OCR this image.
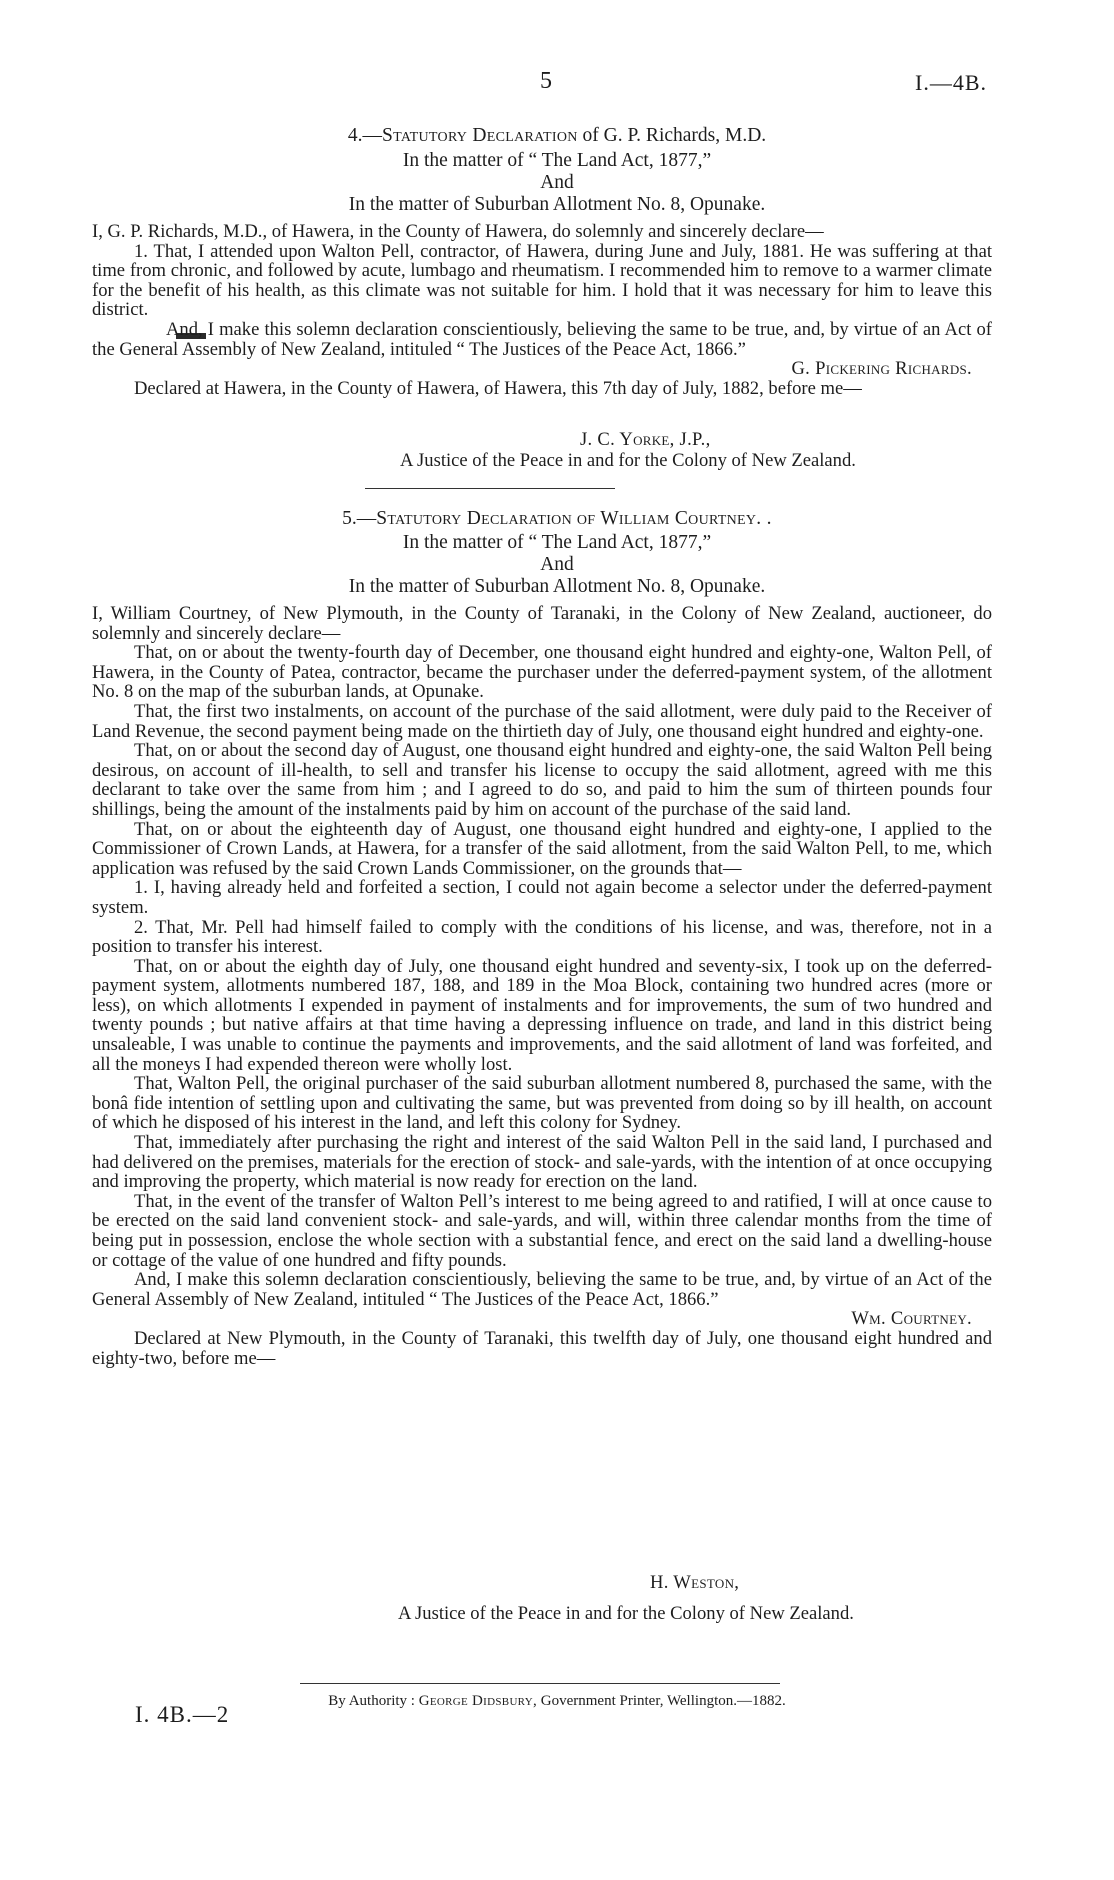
5	I.—4B.
4.—Statutory Declaration of G. P. Richards, M.D.
In the matter of “ The Land Act, 1877,”
And
In the matter of Suburban Allotment No. 8, Opunake.

I, G. P. Richards, M.D., of Hawera, in the County of Hawera, do solemnly and sincerely declare—

1. That, I attended upon Walton Pell, contractor, of Hawera, during June and July, 1881. He was suffering at that time from chronic, and followed by acute, lumbago and rheumatism. I recommended him to remove to a warmer climate for the benefit of his health, as this climate was not suitable for him. I hold that it was necessary for him to leave this district.

And, I make this solemn declaration conscientiously, believing the same to be true, and, by virtue of an Act of the General Assembly of New Zealand, intituled “ The Justices of the Peace Act, 1866.”

G. Pickering Richards.

Declared at Hawera, in the County of Hawera, of Hawera, this 7th day of July, 1882, before me—

J. C. Yorke, J.P.,
A Justice of the Peace in and for the Colony of New Zealand.
5.—Statutory Declaration of William Courtney. .
In the matter of “ The Land Act, 1877,”
And
In the matter of Suburban Allotment No. 8, Opunake.

I, William Courtney, of New Plymouth, in the County of Taranaki, in the Colony of New Zealand, auctioneer, do solemnly and sincerely declare—

That, on or about the twenty-fourth day of December, one thousand eight hundred and eighty-one, Walton Pell, of Hawera, in the County of Patea, contractor, became the purchaser under the deferred-payment system, of the allotment No. 8 on the map of the suburban lands, at Opunake.

That, the first two instalments, on account of the purchase of the said allotment, were duly paid to the Receiver of Land Revenue, the second payment being made on the thirtieth day of July, one thousand eight hundred and eighty-one.

That, on or about the second day of August, one thousand eight hundred and eighty-one, the said Walton Pell being desirous, on account of ill-health, to sell and transfer his license to occupy the said allotment, agreed with me this declarant to take over the same from him ; and I agreed to do so, and paid to him the sum of thirteen pounds four shillings, being the amount of the instalments paid by him on account of the purchase of the said land.

That, on or about the eighteenth day of August, one thousand eight hundred and eighty-one, I applied to the Commissioner of Crown Lands, at Hawera, for a transfer of the said allotment, from the said Walton Pell, to me, which application was refused by the said Crown Lands Commissioner, on the grounds that—

1. I, having already held and forfeited a section, I could not again become a selector under the deferred-payment system.

2. That, Mr. Pell had himself failed to comply with the conditions of his license, and was, therefore, not in a position to transfer his interest.

That, on or about the eighth day of July, one thousand eight hundred and seventy-six, I took up on the deferred-payment system, allotments numbered 187, 188, and 189 in the Moa Block, containing two hundred acres (more or less), on which allotments I expended in payment of instalments and for improvements, the sum of two hundred and twenty pounds ; but native affairs at that time having a depressing influence on trade, and land in this district being unsaleable, I was unable to continue the payments and improvements, and the said allotment of land was forfeited, and all the moneys I had expended thereon were wholly lost.

That, Walton Pell, the original purchaser of the said suburban allotment numbered 8, purchased the same, with the bonâ fide intention of settling upon and cultivating the same, but was prevented from doing so by ill health, on account of which he disposed of his interest in the land, and left this colony for Sydney.

That, immediately after purchasing the right and interest of the said Walton Pell in the said land, I purchased and had delivered on the premises, materials for the erection of stock- and sale-yards, with the intention of at once occupying and improving the property, which material is now ready for erection on the land.

That, in the event of the transfer of Walton Pell’s interest to me being agreed to and ratified, I will at once cause to be erected on the said land convenient stock- and sale-yards, and will, within three calendar months from the time of being put in possession, enclose the whole section with a substantial fence, and erect on the said land a dwelling-house or cottage of the value of one hundred and fifty pounds.

And, I make this solemn declaration conscientiously, believing the same to be true, and, by virtue of an Act of the General Assembly of New Zealand, intituled “ The Justices of the Peace Act, 1866.”

Wm. Courtney.

Declared at New Plymouth, in the County of Taranaki, this twelfth day of July, one thousand eight hundred and eighty-two, before me—

H. Weston,
A Justice of the Peace in and for the Colony of New Zealand.
By Authority : George Didsbury, Government Printer, Wellington.—1882.
I. 4B.—2
